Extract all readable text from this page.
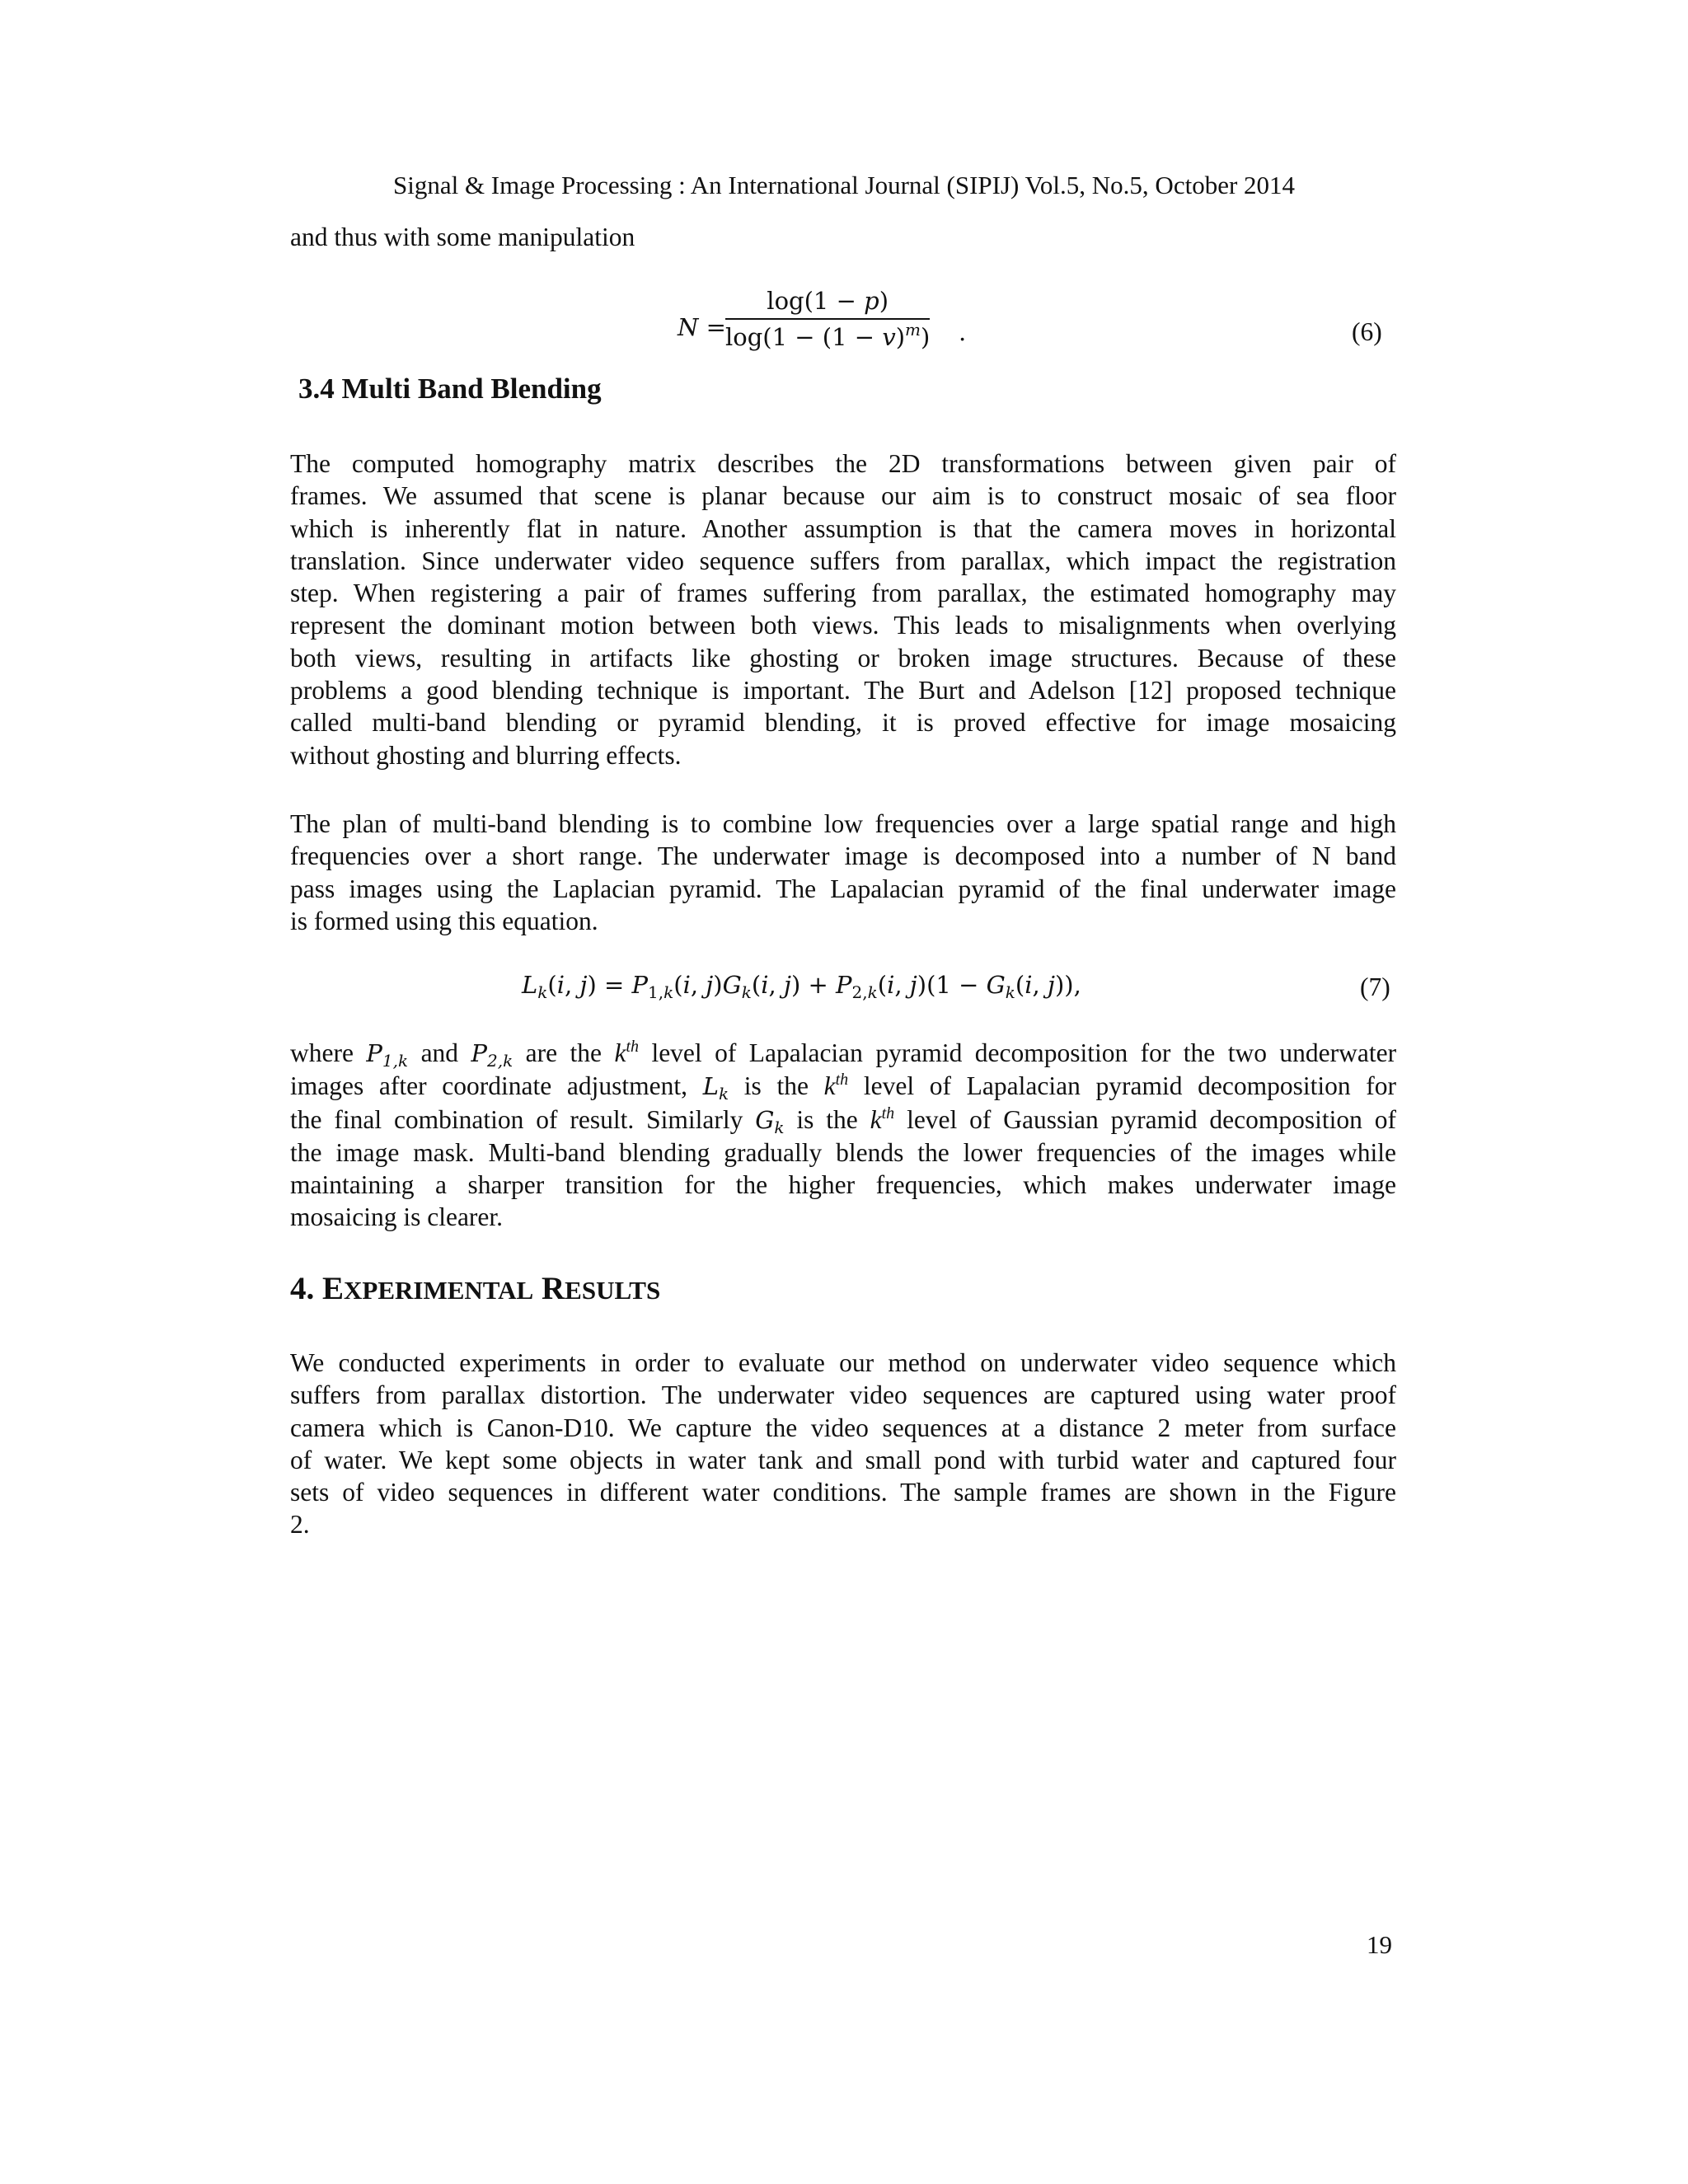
Signal & Image Processing : An International Journal (SIPIJ) Vol.5, No.5, October 2014
and thus with some manipulation
N =
log(1 − p)
$\log(1 - (1 - v)^m)$ .	(6)
3.4 Multi Band Blending
The computed homography matrix describes the 2D transformations between given pair of
frames. We assumed that scene is planar because our aim is to construct mosaic of sea floor
which is inherently flat in nature. Another assumption is that the camera moves in horizontal
translation. Since underwater video sequence suffers from parallax, which impact the registration
step. When registering a pair of frames suffering from parallax, the estimated homography may
represent the dominant motion between both views. This leads to misalignments when overlying
both views, resulting in artifacts like ghosting or broken image structures. Because of these
problems a good blending technique is important. The Burt and Adelson [12] proposed technique
called multi-band blending or pyramid blending, it is proved effective for image mosaicing
without ghosting and blurring effects.
The plan of multi-band blending is to combine low frequencies over a large spatial range and high
frequencies over a short range. The underwater image is decomposed into a number of N band
pass images using the Laplacian pyramid. The Lapalacian pyramid of the final underwater image
is formed using this equation.
$L_k(i$, $j) = P_{1,k}(i$, $j)G_k(i$, $j) + P_{2,k}(i$, $j)(1 - G_k(i$, j)),	(7)
where $P_{1,k}$ and $P_{2,k}$ are the $k^{th}$ level of Lapalacian pyramid decomposition for the two underwater
images after coordinate adjustment, $L_k$ is the $k^{th}$ level of Lapalacian pyramid decomposition for
the final combination of result. Similarly $G_k$ is the $k^{th}$ level of Gaussian pyramid decomposition of
the image mask. Multi-band blending gradually blends the lower frequencies of the images while
maintaining a sharper transition for the higher frequencies, which makes underwater image
mosaicing is clearer.
4. EXPERIMENTAL RESULTS
We conducted experiments in order to evaluate our method on underwater video sequence which
suffers from parallax distortion. The underwater video sequences are captured using water proof
camera which is Canon-D10. We capture the video sequences at a distance 2 meter from surface
of water. We kept some objects in water tank and small pond with turbid water and captured four
sets of video sequences in different water conditions. The sample frames are shown in the Figure
2.
19
